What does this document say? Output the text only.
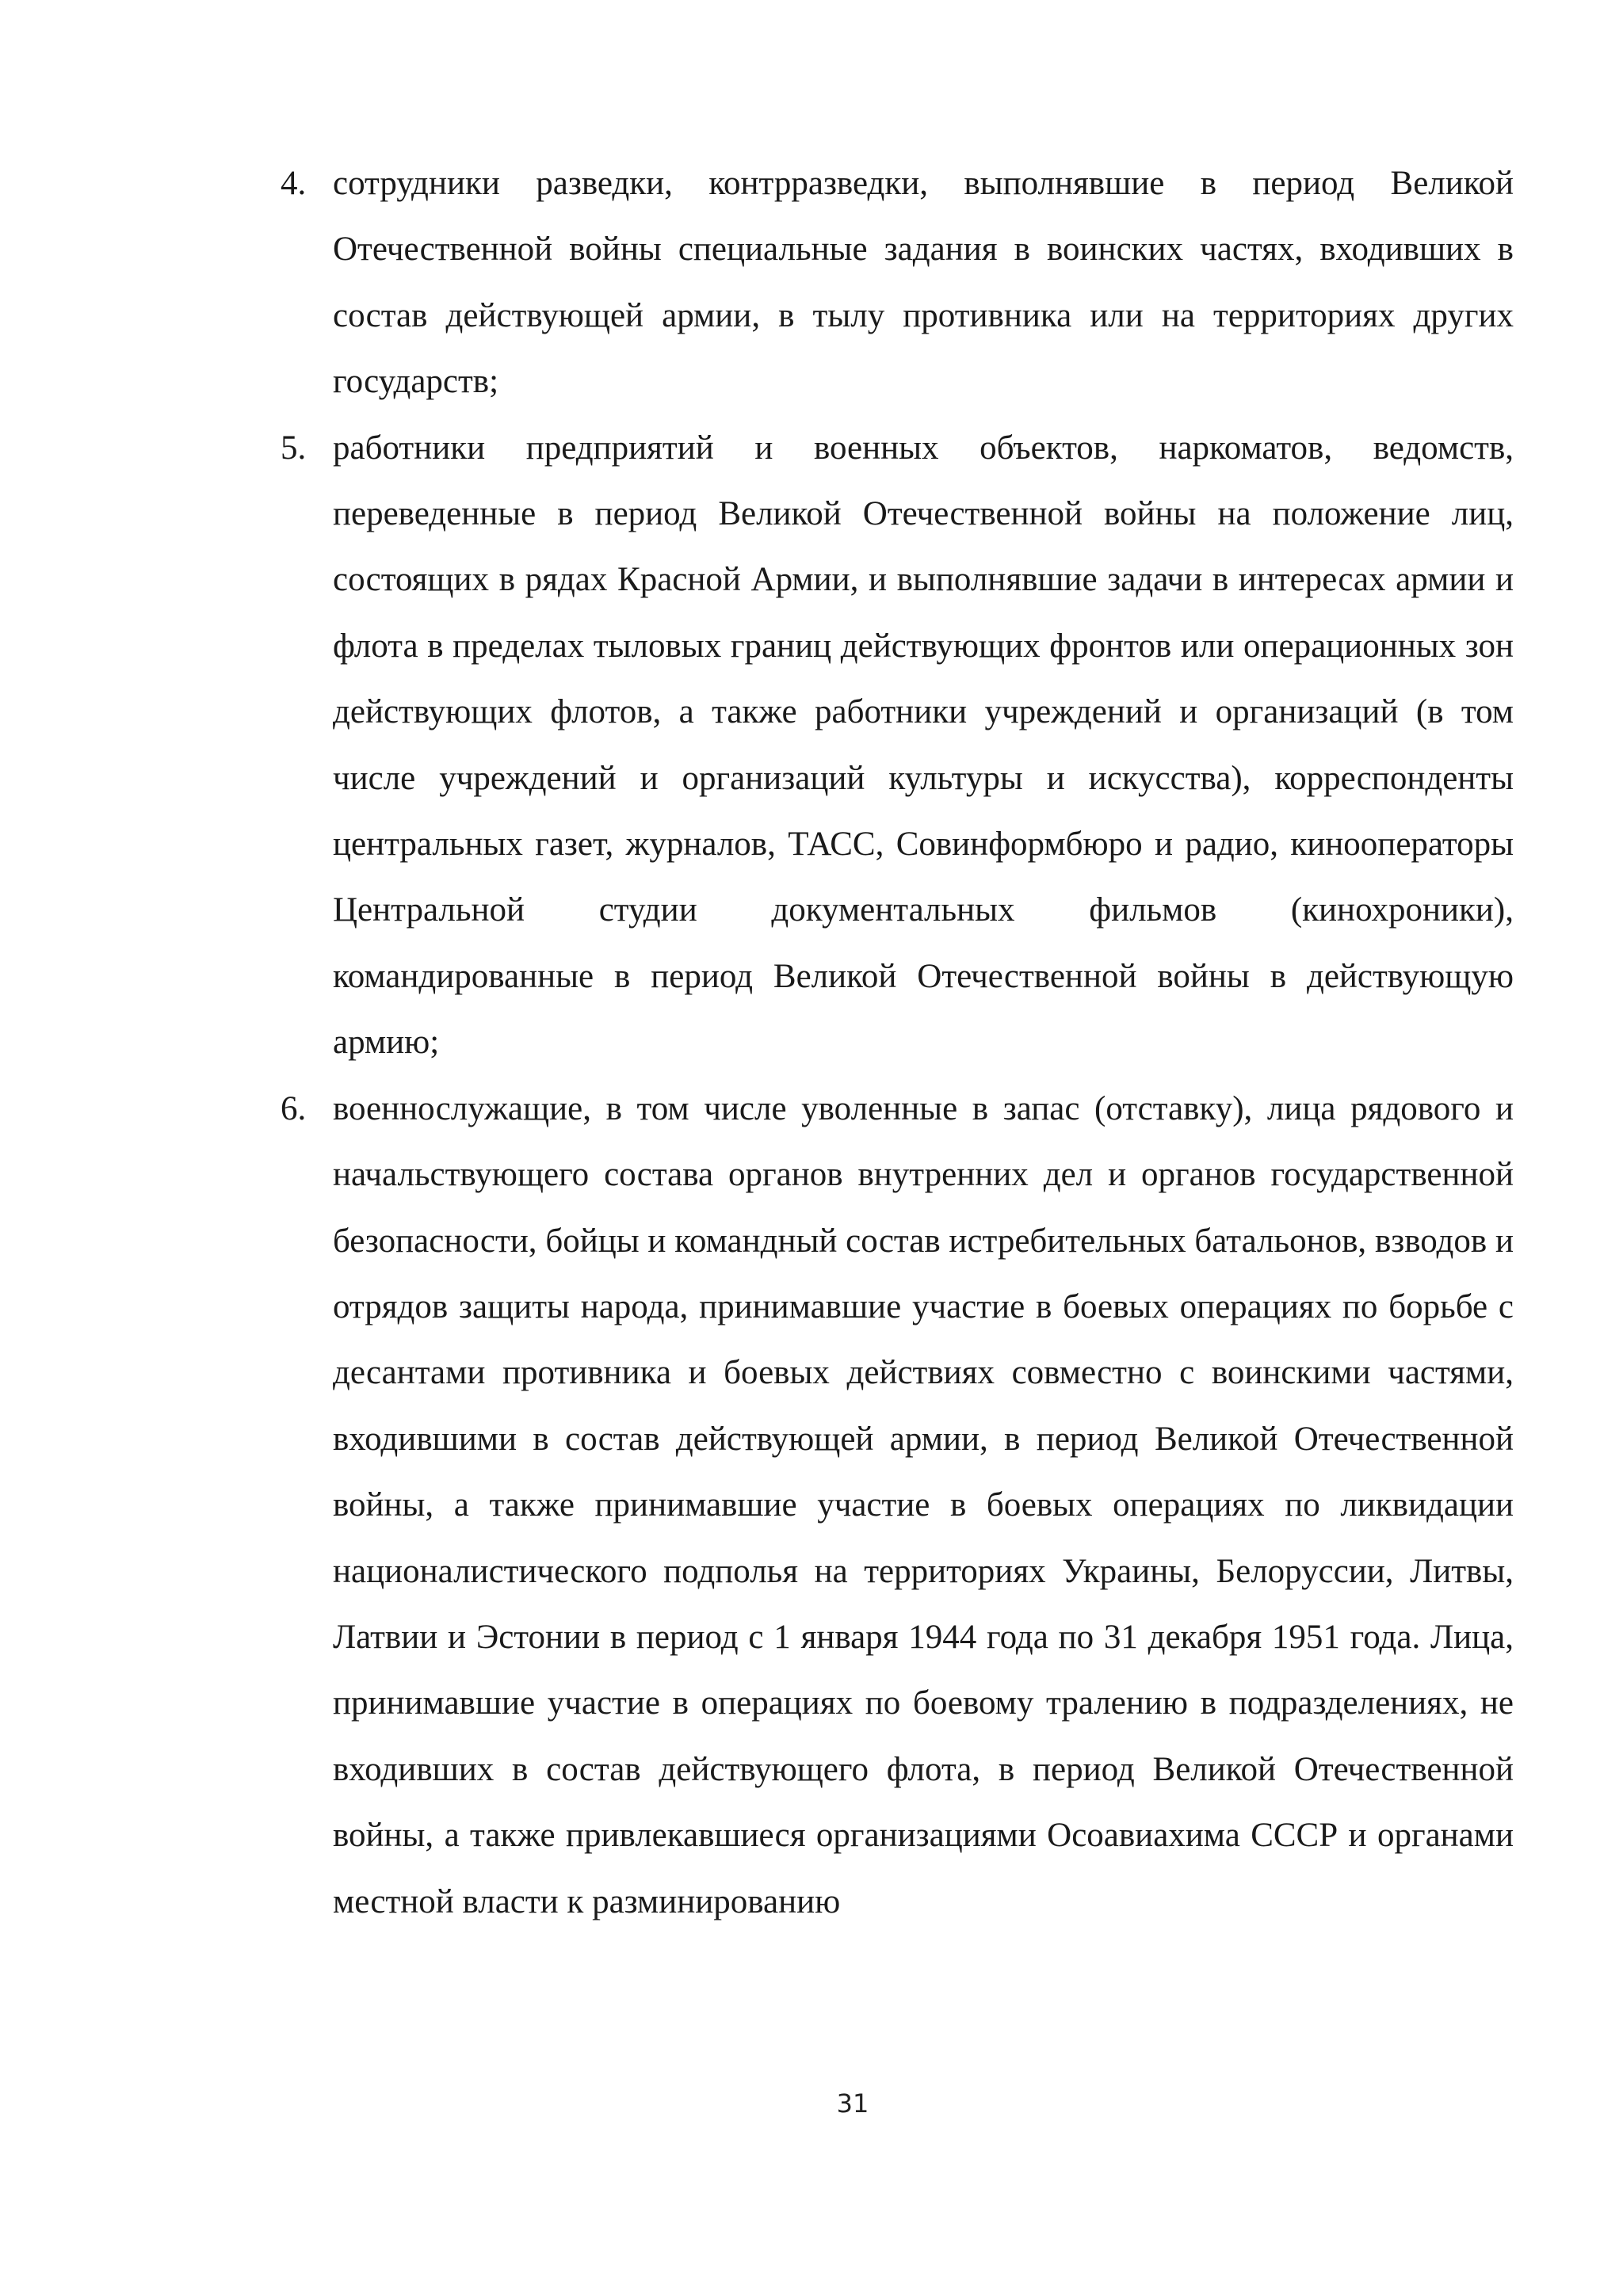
4. сотрудники разведки, контрразведки, выполнявшие в период Великой Отечественной войны специальные задания в воинских частях, входивших в состав действующей армии, в тылу противника или на территориях других государств;
5. работники предприятий и военных объектов, наркоматов, ведомств, переведенные в период Великой Отечественной войны на положение лиц, состоящих в рядах Красной Армии, и выполнявшие задачи в интересах армии и флота в пределах тыловых границ действующих фронтов или операционных зон действующих флотов, а также работники учреждений и организаций (в том числе учреждений и организаций культуры и искусства), корреспонденты центральных газет, журналов, ТАСС, Совинформбюро и радио, кинооператоры Центральной студии документальных фильмов (кинохроники), командированные в период Великой Отечественной войны в действующую армию;
6. военнослужащие, в том числе уволенные в запас (отставку), лица рядового и начальствующего состава органов внутренних дел и органов государственной безопасности, бойцы и командный состав истребительных батальонов, взводов и отрядов защиты народа, принимавшие участие в боевых операциях по борьбе с десантами противника и боевых действиях совместно с воинскими частями, входившими в состав действующей армии, в период Великой Отечественной войны, а также принимавшие участие в боевых операциях по ликвидации националистического подполья на территориях Украины, Белоруссии, Литвы, Латвии и Эстонии в период с 1 января 1944 года по 31 декабря 1951 года. Лица, принимавшие участие в операциях по боевому тралению в подразделениях, не входивших в состав действующего флота, в период Великой Отечественной войны, а также привлекавшиеся организациями Осоавиахима СССР и органами местной власти к разминированию
31
